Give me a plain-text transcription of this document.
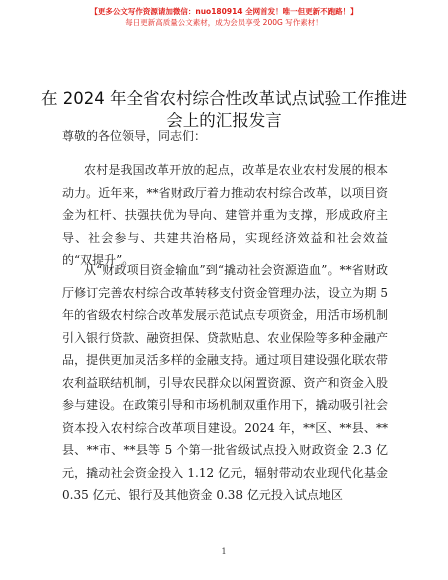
【更多公文写作资源请加微信：nuo180914 全网首发！唯一但更新不跑路！】
每日更新高质量公文素材，成为会员享受 200G 写作素材！
在 2024 年全省农村综合性改革试点试验工作推进会上的汇报发言
尊敬的各位领导，同志们：
农村是我国改革开放的起点，改革是农业农村发展的根本动力。近年来，**省财政厅着力推动农村综合改革，以项目资金为杠杆、扶强扶优为导向、建管并重为支撑，形成政府主导、社会参与、共建共治格局，实现经济效益和社会效益的“双提升”。
从“财政项目资金输血”到“撬动社会资源造血”。**省财政厅修订完善农村综合改革转移支付资金管理办法，设立为期 5 年的省级农村综合改革发展示范试点专项资金，用活市场机制引入银行贷款、融资担保、贷款贴息、农业保险等多种金融产品，提供更加灵活多样的金融支持。通过项目建设强化联农带农利益联结机制，引导农民群众以闲置资源、资产和资金入股参与建设。在政策引导和市场机制双重作用下，撬动吸引社会资本投入农村综合改革项目建设。2024 年，**区、**县、**县、**市、**县等 5 个第一批省级试点投入财政资金 2.3 亿元，撬动社会资金投入 1.12 亿元，辐射带动农业现代化基金 0.35 亿元、银行及其他资金 0.38 亿元投入试点地区
1
